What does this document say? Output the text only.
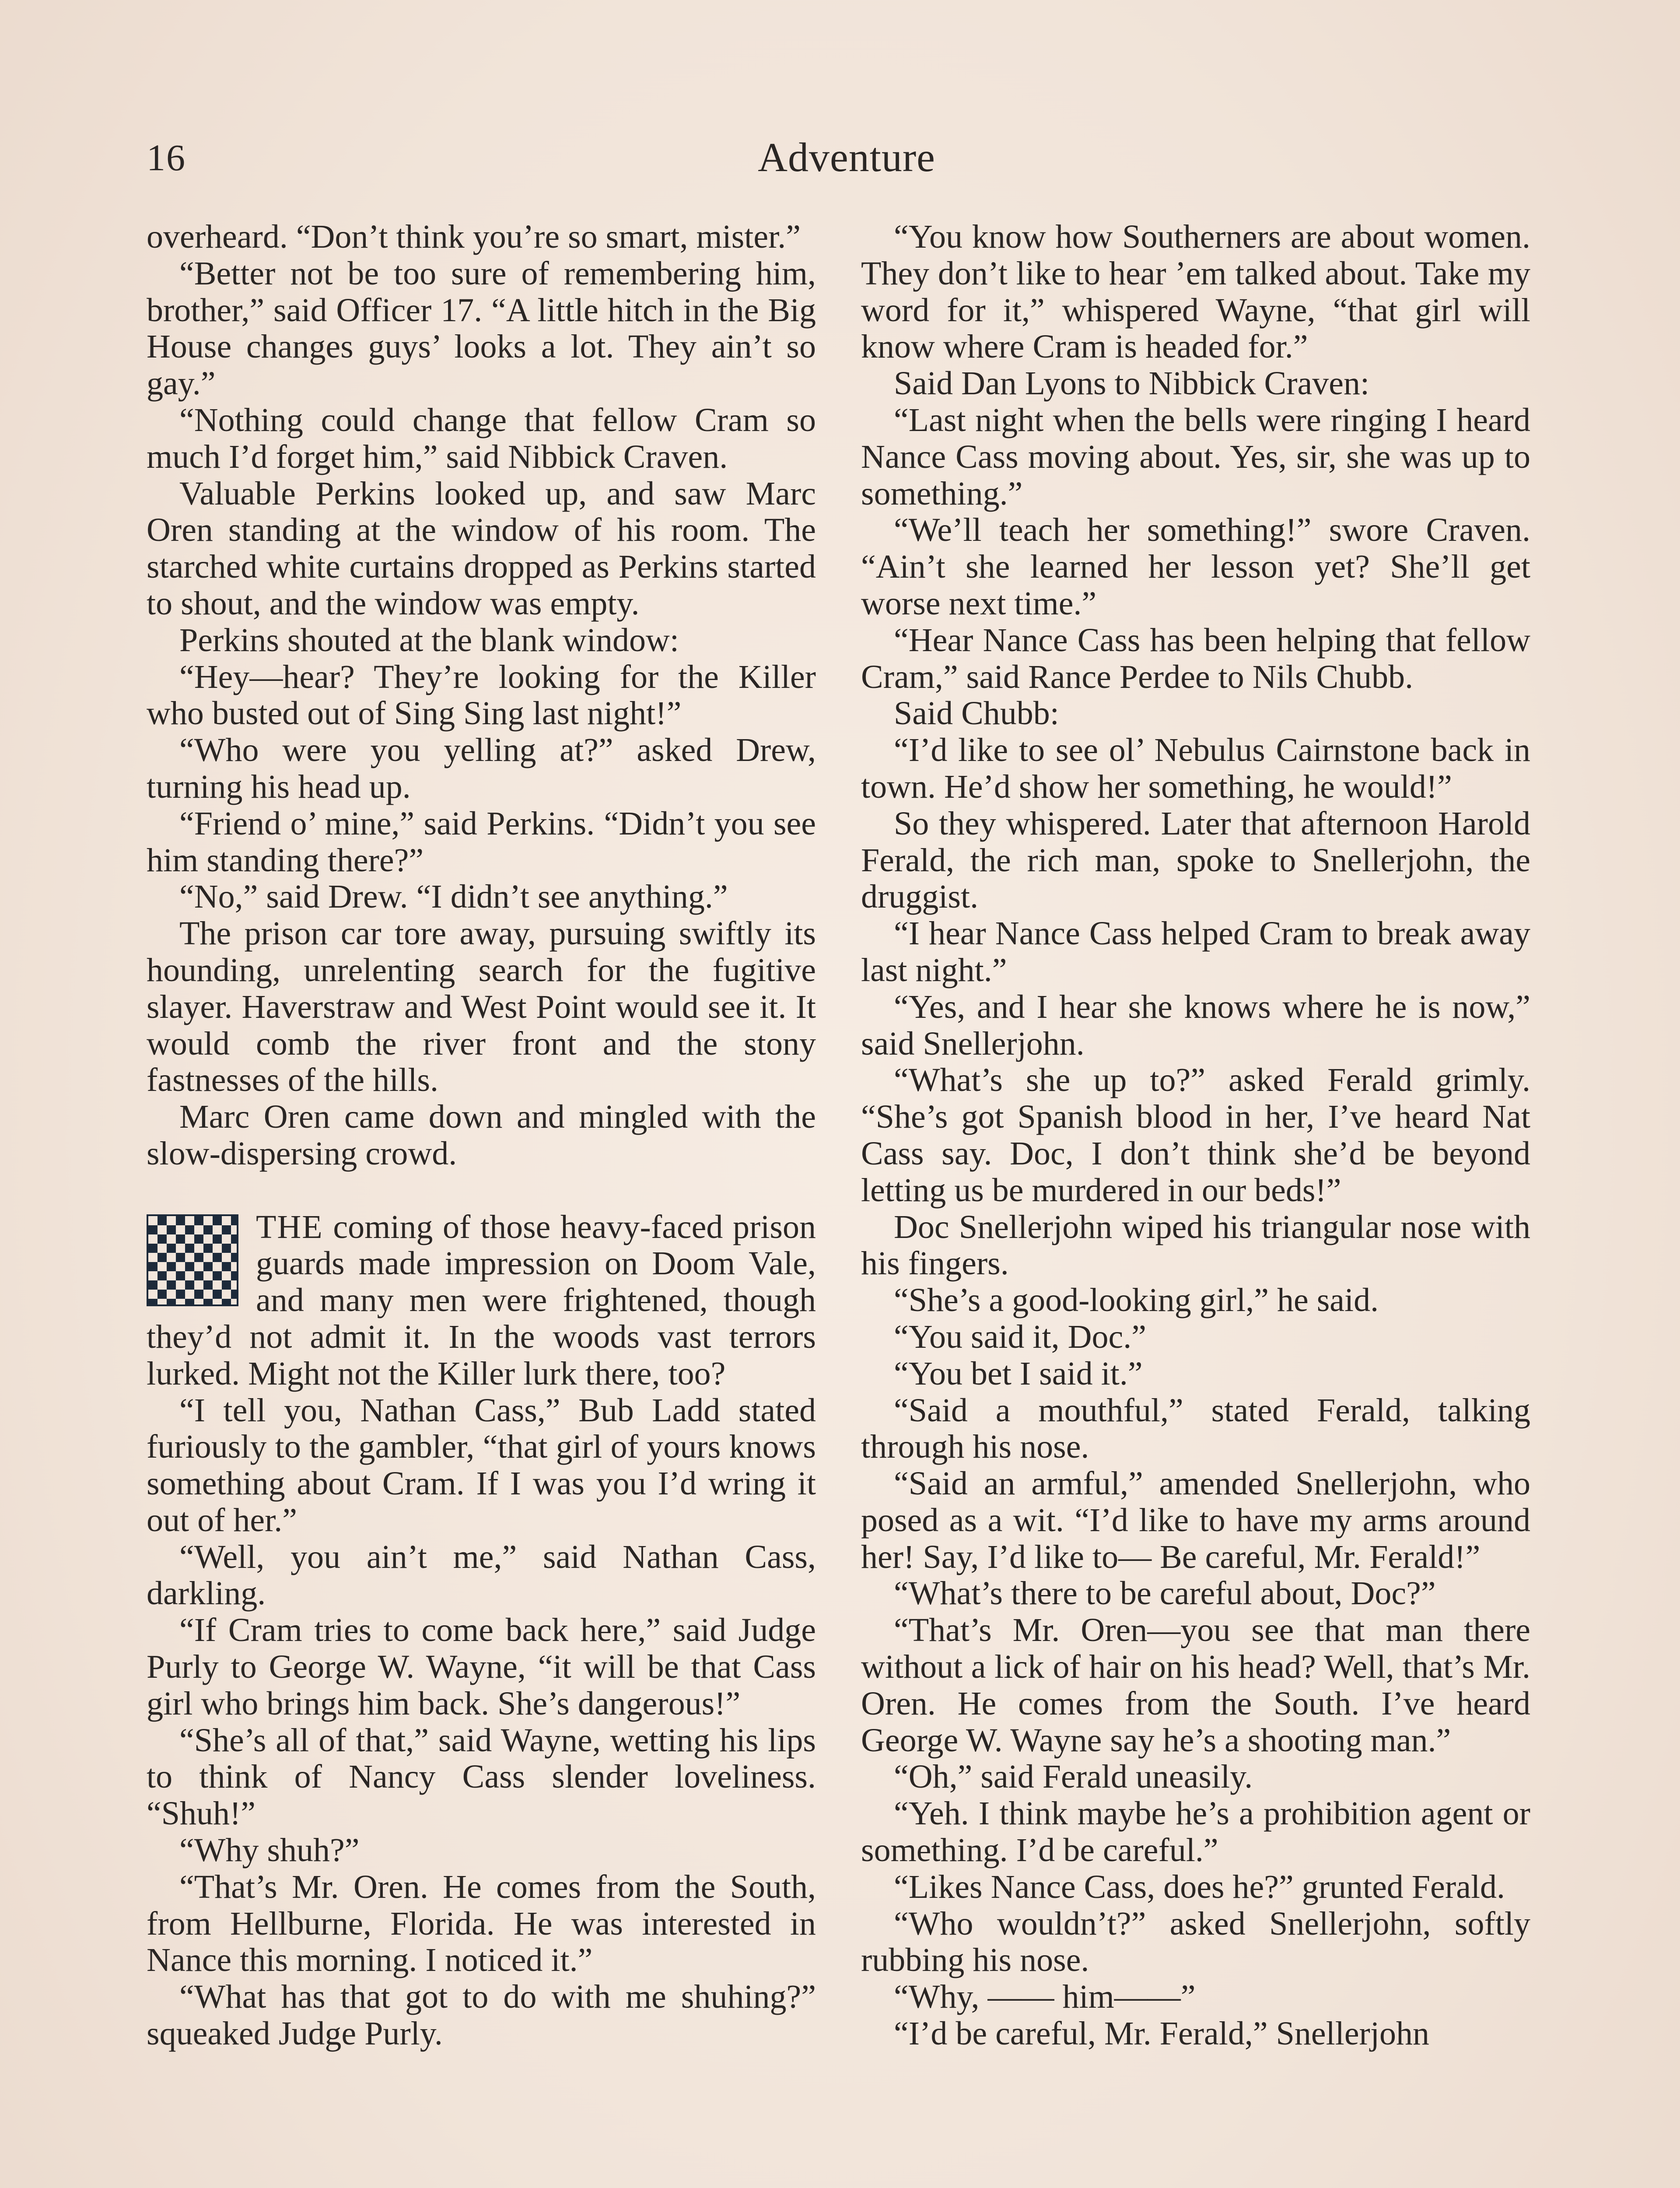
16	Adventure

overheard. “Don’t think you’re so smart, mister.”

“Better not be too sure of remembering him, brother,” said Officer 17. “A little hitch in the Big House changes guys’ looks a lot. They ain’t so gay.”

“Nothing could change that fellow Cram so much I’d forget him,” said Nibbick Craven.

Valuable Perkins looked up, and saw Marc Oren standing at the window of his room. The starched white curtains dropped as Perkins started to shout, and the window was empty.

Perkins shouted at the blank window:

“Hey—hear? They’re looking for the Killer who busted out of Sing Sing last night!”

“Who were you yelling at?” asked Drew, turning his head up.

“Friend o’ mine,” said Perkins. “Didn’t you see him standing there?”

“No,” said Drew. “I didn’t see anything.”

The prison car tore away, pursuing swiftly its hounding, unrelenting search for the fugitive slayer. Haverstraw and West Point would see it. It would comb the river front and the stony fastnesses of the hills.

Marc Oren came down and mingled with the slow-dispersing crowd.

THE coming of those heavy-faced prison guards made impression on Doom Vale, and many men were frightened, though they’d not admit it. In the woods vast terrors lurked. Might not the Killer lurk there, too?

“I tell you, Nathan Cass,” Bub Ladd stated furiously to the gambler, “that girl of yours knows something about Cram. If I was you I’d wring it out of her.”

“Well, you ain’t me,” said Nathan Cass, darkling.

“If Cram tries to come back here,” said Judge Purly to George W. Wayne, “it will be that Cass girl who brings him back. She’s dangerous!”

“She’s all of that,” said Wayne, wetting his lips to think of Nancy Cass slender loveliness. “Shuh!”

“Why shuh?”

“That’s Mr. Oren. He comes from the South, from Hellburne, Florida. He was interested in Nance this morning. I noticed it.”

“What has that got to do with me shuhing?” squeaked Judge Purly.

“You know how Southerners are about women. They don’t like to hear ’em talked about. Take my word for it,” whispered Wayne, “that girl will know where Cram is headed for.”

Said Dan Lyons to Nibbick Craven:

“Last night when the bells were ringing I heard Nance Cass moving about. Yes, sir, she was up to something.”

“We’ll teach her something!” swore Craven. “Ain’t she learned her lesson yet? She’ll get worse next time.”

“Hear Nance Cass has been helping that fellow Cram,” said Rance Perdee to Nils Chubb.

Said Chubb:

“I’d like to see ol’ Nebulus Cairnstone back in town. He’d show her something, he would!”

So they whispered. Later that afternoon Harold Ferald, the rich man, spoke to Snellerjohn, the druggist.

“I hear Nance Cass helped Cram to break away last night.”

“Yes, and I hear she knows where he is now,” said Snellerjohn.

“What’s she up to?” asked Ferald grimly. “She’s got Spanish blood in her, I’ve heard Nat Cass say. Doc, I don’t think she’d be beyond letting us be murdered in our beds!”

Doc Snellerjohn wiped his triangular nose with his fingers.

“She’s a good-looking girl,” he said.

“You said it, Doc.”

“You bet I said it.”

“Said a mouthful,” stated Ferald, talking through his nose.

“Said an armful,” amended Snellerjohn, who posed as a wit. “I’d like to have my arms around her! Say, I’d like to— Be careful, Mr. Ferald!”

“What’s there to be careful about, Doc?”

“That’s Mr. Oren—you see that man there without a lick of hair on his head? Well, that’s Mr. Oren. He comes from the South. I’ve heard George W. Wayne say he’s a shooting man.”

“Oh,” said Ferald uneasily.

“Yeh. I think maybe he’s a prohibition agent or something. I’d be careful.”

“Likes Nance Cass, does he?” grunted Ferald.

“Who wouldn’t?” asked Snellerjohn, softly rubbing his nose.

“Why, —— him——”

“I’d be careful, Mr. Ferald,” Snellerjohn
